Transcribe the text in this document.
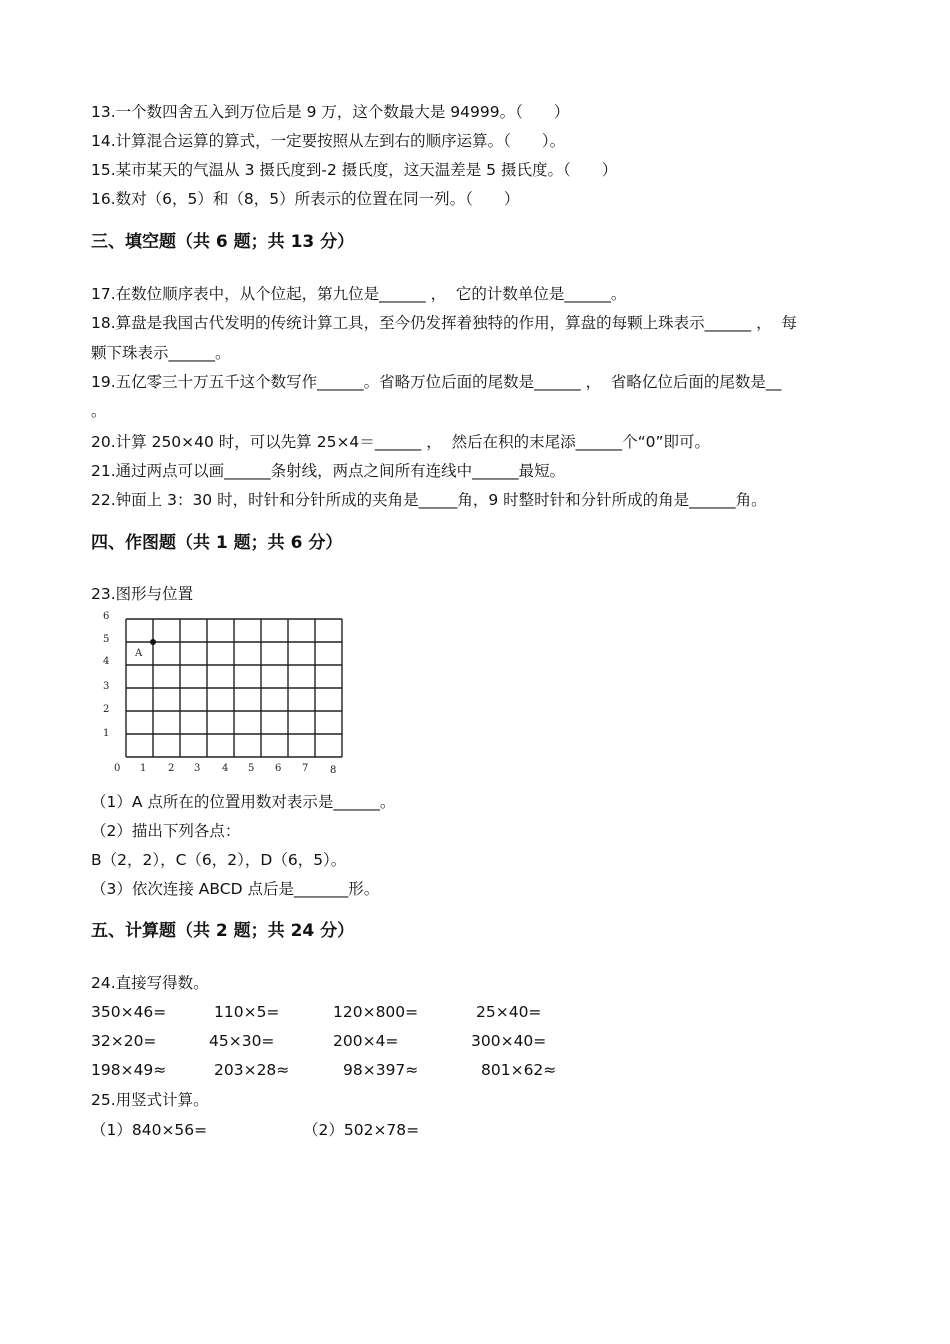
13.一个数四舍五入到万位后是 9 万，这个数最大是 94999。（　　）
14.计算混合运算的算式，一定要按照从左到右的顺序运算。（　　）。
15.某市某天的气温从 3 摄氏度到-2 摄氏度，这天温差是 5 摄氏度。（　　）
16.数对（6，5）和（8，5）所表示的位置在同一列。（　　）
三、填空题（共 6 题；共 13 分）
17.在数位顺序表中，从个位起，第九位是______ ，  它的计数单位是______。
18.算盘是我国古代发明的传统计算工具，至今仍发挥着独特的作用，算盘的每颗上珠表示______ ，  每
颗下珠表示______。
19.五亿零三十万五千这个数写作______。省略万位后面的尾数是______ ，  省略亿位后面的尾数是__
。
20.计算 250×40 时，可以先算 25×4＝______ ，  然后在积的末尾添______个“0”即可。
21.通过两点可以画______条射线，两点之间所有连线中______最短。
22.钟面上 3：30 时，时针和分针所成的夹角是_____角，9 时整时针和分针所成的角是______角。
四、作图题（共 1 题；共 6 分）
23.图形与位置
0 1 2 3 4 5 6 7 8
1
2
3
4
5
6
A
（1）A 点所在的位置用数对表示是______。
（2）描出下列各点：
B（2，2），C（6，2），D（6，5）。
（3）依次连接 ABCD 点后是_______形。
五、计算题（共 2 题；共 24 分）
24.直接写得数。
350×46=	110×5=	120×800=	25×40=
32×20=	45×30=	200×4=	300×40=
198×49≈	203×28≈	98×397≈	801×62≈
25.用竖式计算。
（1）840×56=	（2）502×78=
